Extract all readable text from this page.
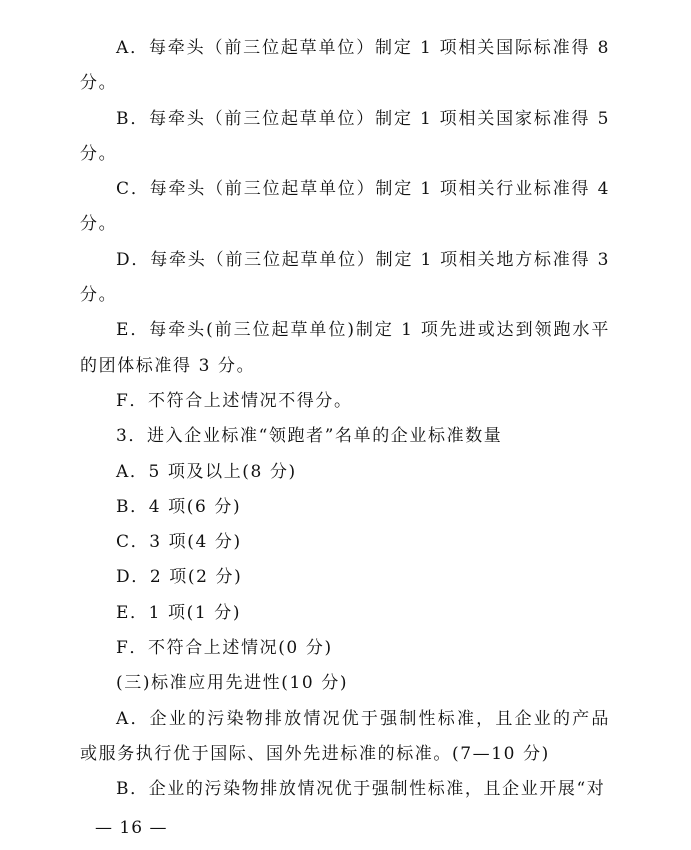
A．每牵头（前三位起草单位）制定 1 项相关国际标准得 8 分。

B．每牵头（前三位起草单位）制定 1 项相关国家标准得 5 分。

C．每牵头（前三位起草单位）制定 1 项相关行业标准得 4 分。

D．每牵头（前三位起草单位）制定 1 项相关地方标准得 3 分。

E．每牵头(前三位起草单位)制定 1 项先进或达到领跑水平的团体标准得 3 分。

F．不符合上述情况不得分。

3．进入企业标准“领跑者”名单的企业标准数量

A．5 项及以上(8 分)

B．4 项(6 分)

C．3 项(4 分)

D．2 项(2 分)

E．1 项(1 分)

F．不符合上述情况(0 分)

(三)标准应用先进性(10 分)

A．企业的污染物排放情况优于强制性标准，且企业的产品或服务执行优于国际、国外先进标准的标准。(7—10 分)

B．企业的污染物排放情况优于强制性标准，且企业开展“对

— 16 —
